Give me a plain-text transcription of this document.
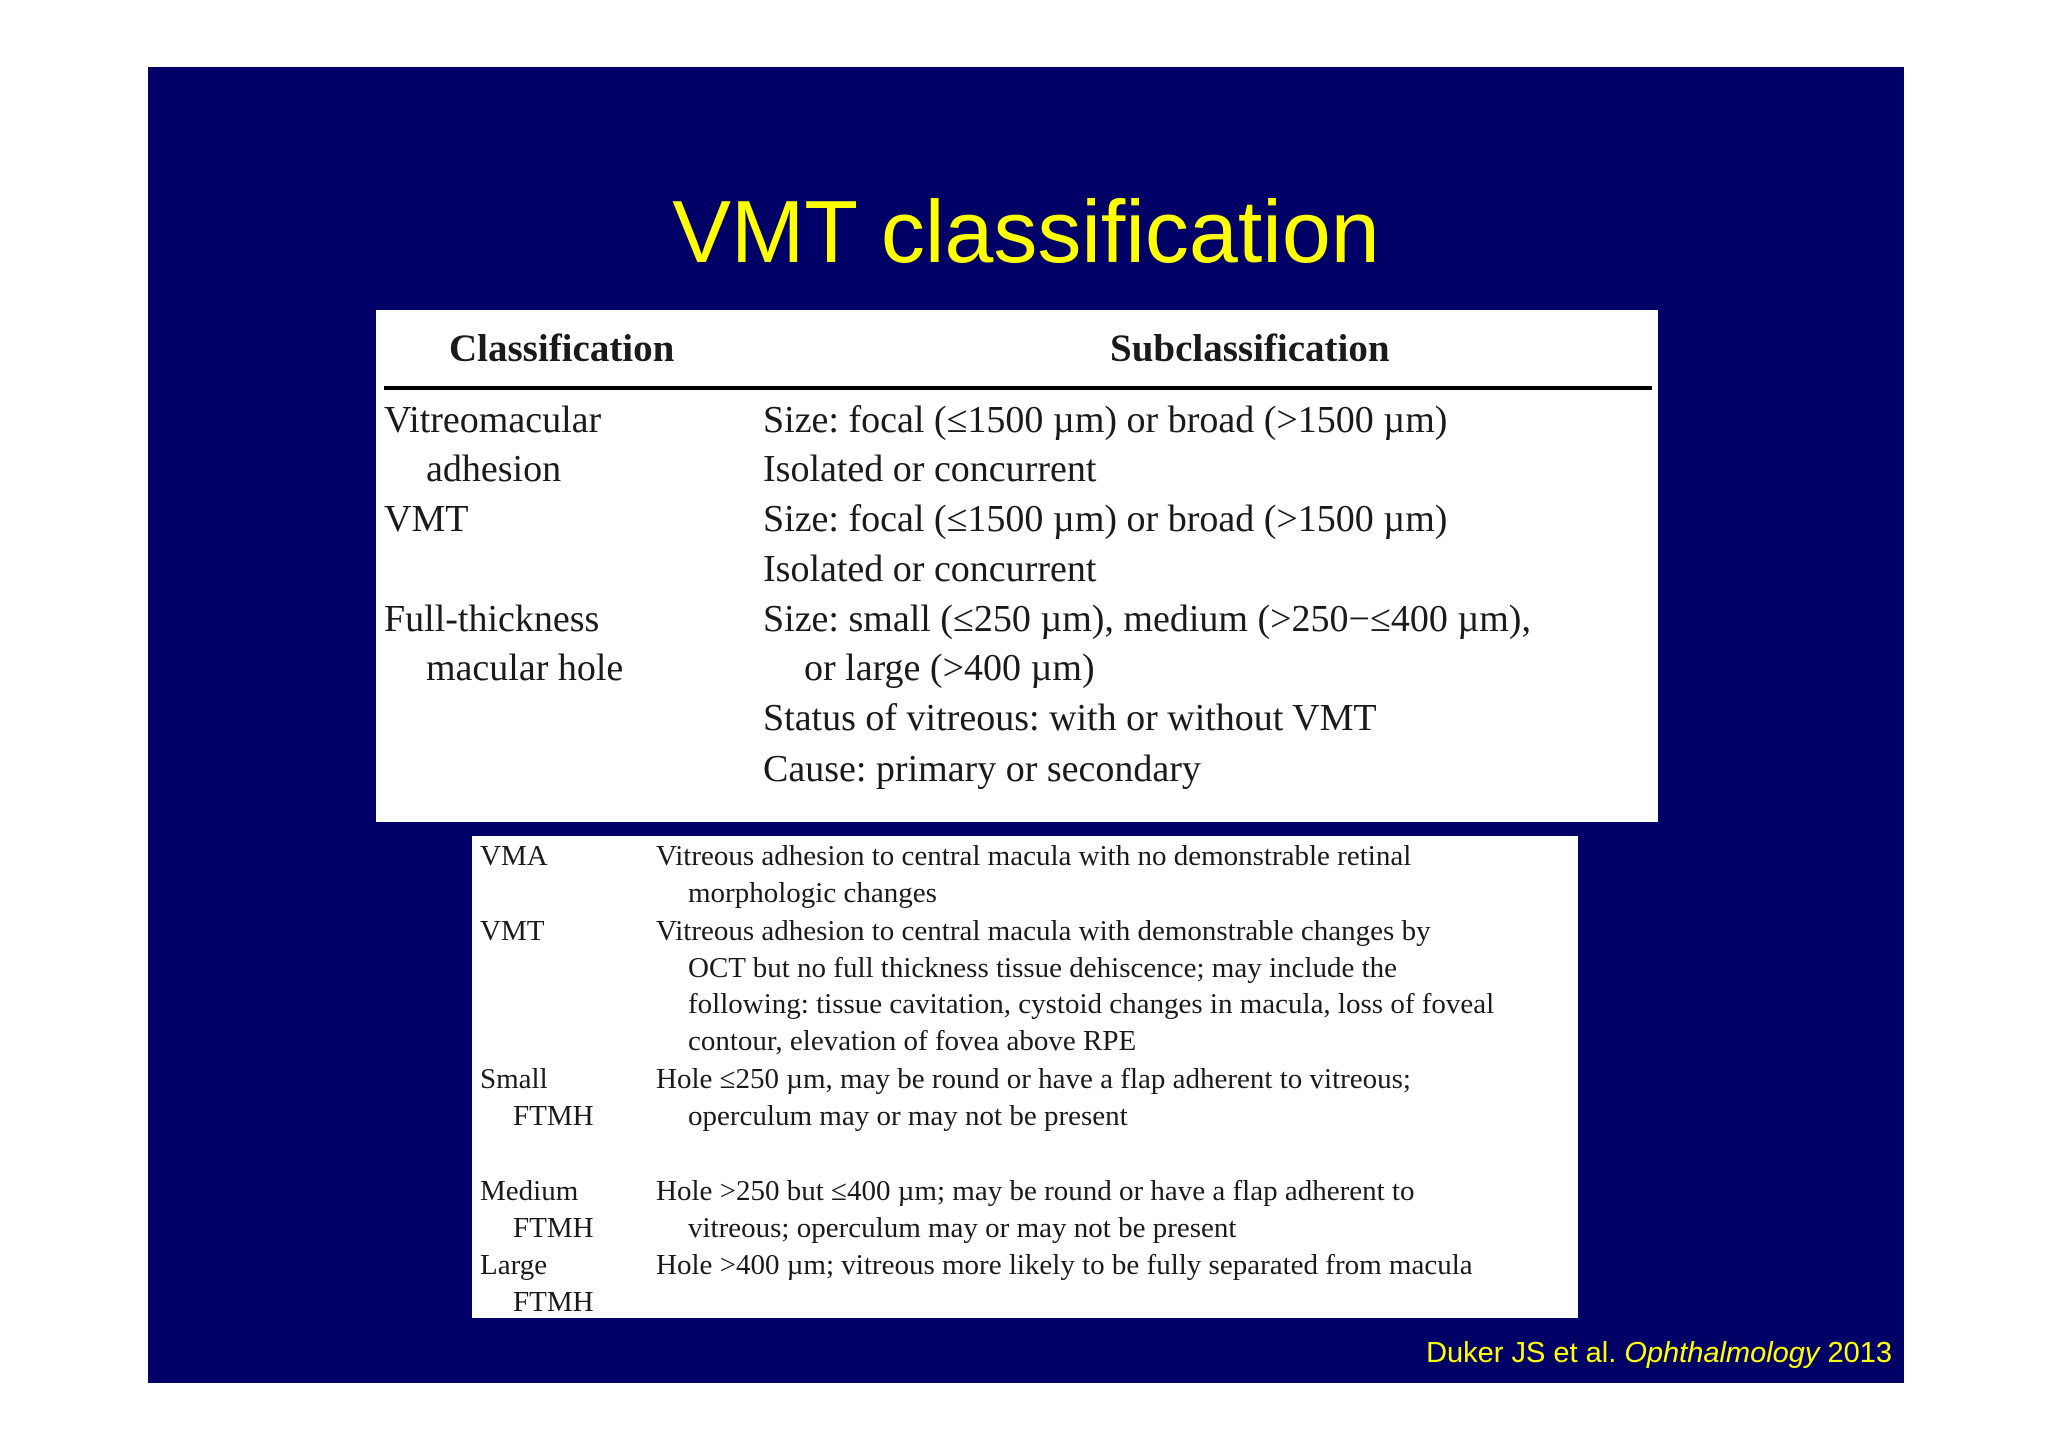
VMT classification
Classification	Subclassification
Vitreomacular	Size: focal (≤1500 µm) or broad (>1500 µm)
adhesion	Isolated or concurrent
VMT	Size: focal (≤1500 µm) or broad (>1500 µm)
Isolated or concurrent
Full-thickness	Size: small (≤250 µm), medium (>250−≤400 µm),
macular hole	or large (>400 µm)
Status of vitreous: with or without VMT
Cause: primary or secondary
VMA	Vitreous adhesion to central macula with no demonstrable retinal
morphologic changes
VMT	Vitreous adhesion to central macula with demonstrable changes by
OCT but no full thickness tissue dehiscence; may include the
following: tissue cavitation, cystoid changes in macula, loss of foveal
contour, elevation of fovea above RPE
Small	Hole ≤250 µm, may be round or have a flap adherent to vitreous;
FTMH	operculum may or may not be present
Medium	Hole >250 but ≤400 µm; may be round or have a flap adherent to
FTMH	vitreous; operculum may or may not be present
Large	Hole >400 µm; vitreous more likely to be fully separated from macula
FTMH
Duker JS et al. Ophthalmology 2013
